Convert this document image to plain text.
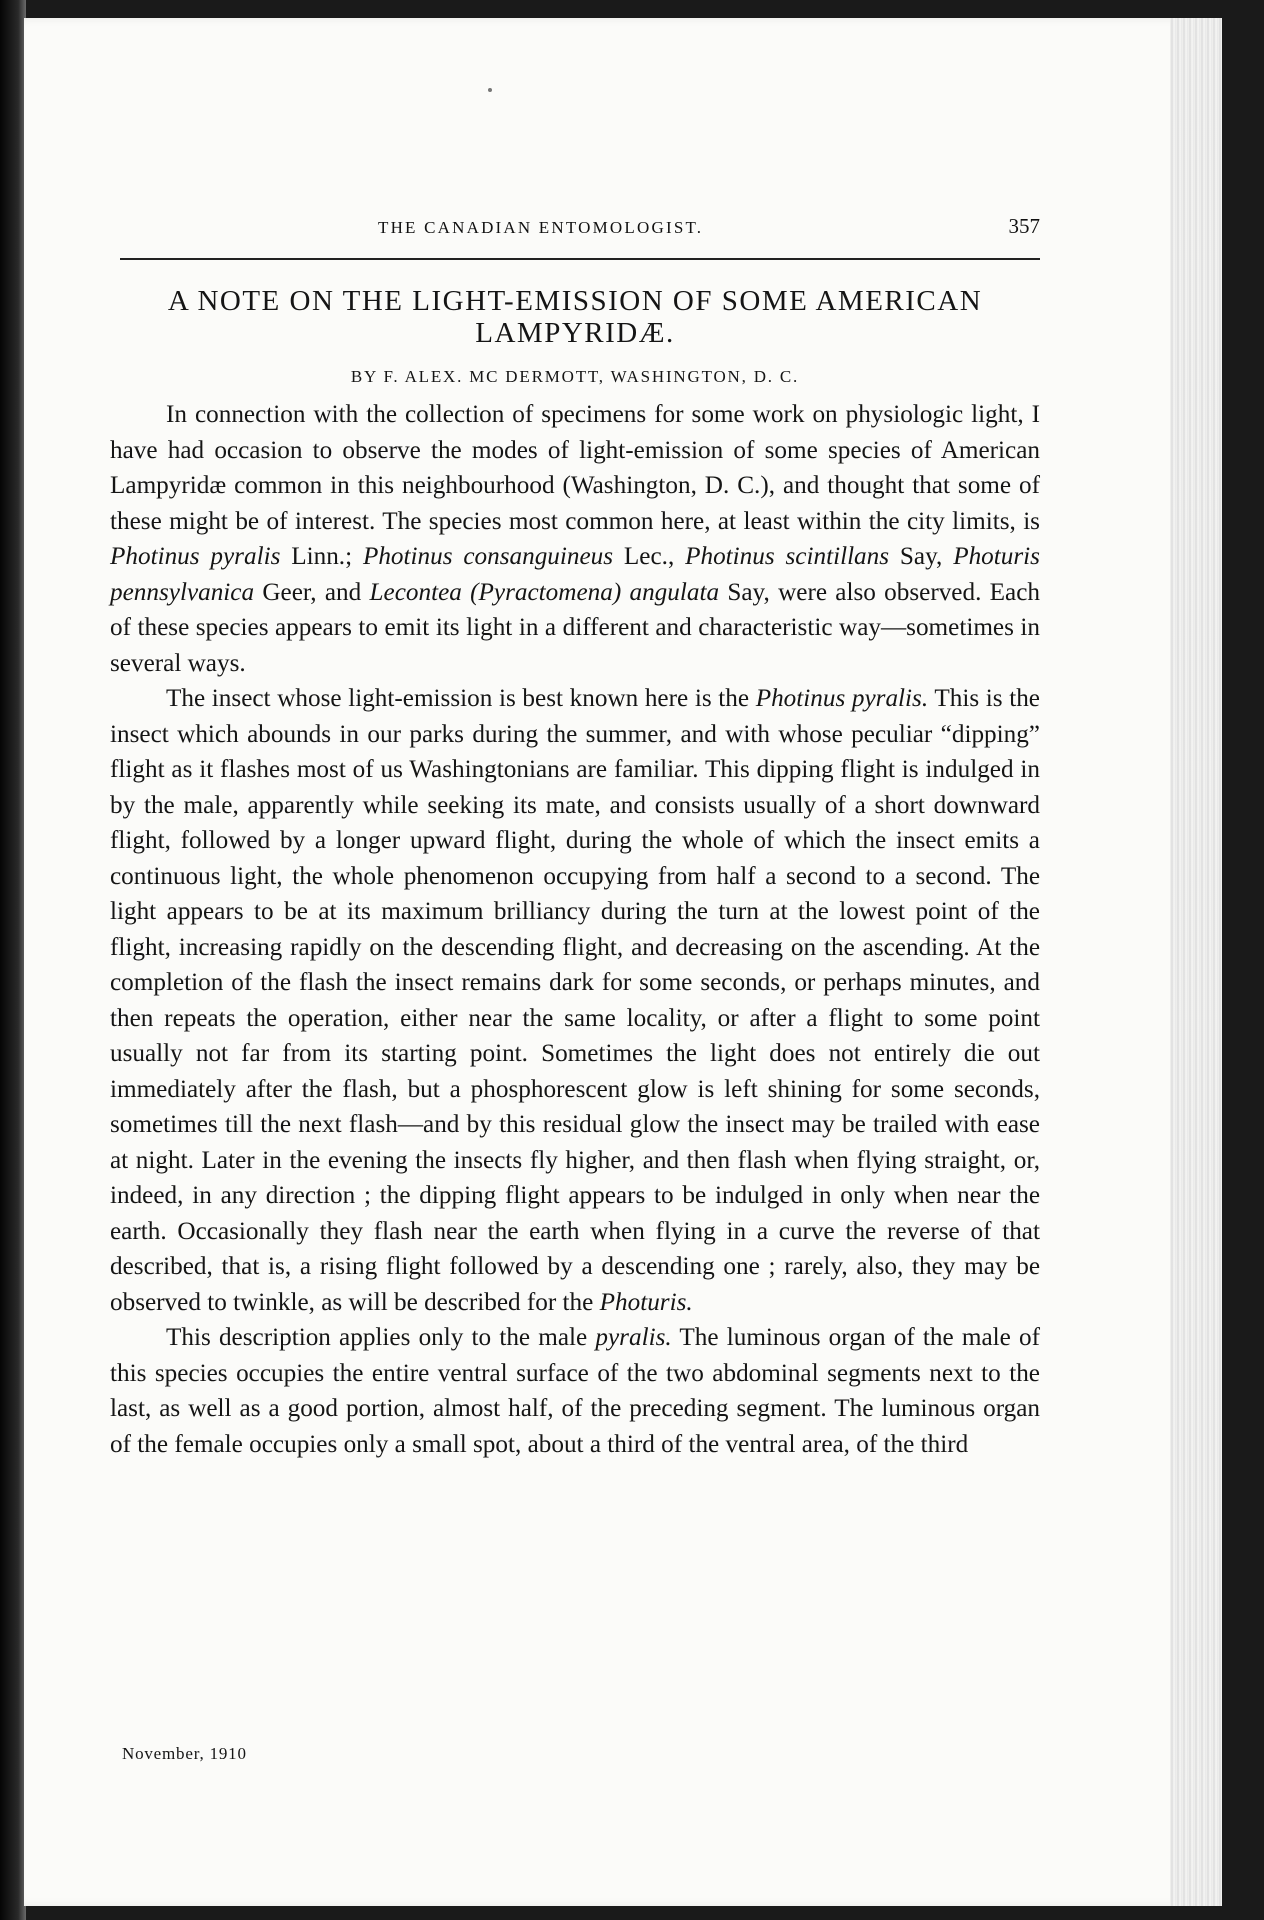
THE CANADIAN ENTOMOLOGIST.	357
A NOTE ON THE LIGHT-EMISSION OF SOME AMERICAN
LAMPYRIDÆ.
BY F. ALEX. MC DERMOTT, WASHINGTON, D. C.

In connection with the collection of specimens for some work on physiologic light, I have had occasion to observe the modes of light-emission of some species of American Lampyridæ common in this neighbourhood (Washington, D. C.), and thought that some of these might be of interest. The species most common here, at least within the city limits, is Photinus pyralis Linn.; Photinus consanguineus Lec., Photinus scintillans Say, Photuris pennsylvanica Geer, and Lecontea (Pyractomena) angulata Say, were also observed. Each of these species appears to emit its light in a different and characteristic way—sometimes in several ways.

The insect whose light-emission is best known here is the Photinus pyralis. This is the insect which abounds in our parks during the summer, and with whose peculiar “dipping” flight as it flashes most of us Washingtonians are familiar. This dipping flight is indulged in by the male, apparently while seeking its mate, and consists usually of a short downward flight, followed by a longer upward flight, during the whole of which the insect emits a continuous light, the whole phenomenon occupying from half a second to a second. The light appears to be at its maximum brilliancy during the turn at the lowest point of the flight, increasing rapidly on the descending flight, and decreasing on the ascending. At the completion of the flash the insect remains dark for some seconds, or perhaps minutes, and then repeats the operation, either near the same locality, or after a flight to some point usually not far from its starting point. Sometimes the light does not entirely die out immediately after the flash, but a phosphorescent glow is left shining for some seconds, sometimes till the next flash—and by this residual glow the insect may be trailed with ease at night. Later in the evening the insects fly higher, and then flash when flying straight, or, indeed, in any direction ; the dipping flight appears to be indulged in only when near the earth. Occasionally they flash near the earth when flying in a curve the reverse of that described, that is, a rising flight followed by a descending one ; rarely, also, they may be observed to twinkle, as will be described for the Photuris.

This description applies only to the male pyralis. The luminous organ of the male of this species occupies the entire ventral surface of the two abdominal segments next to the last, as well as a good portion, almost half, of the preceding segment. The luminous organ of the female occupies only a small spot, about a third of the ventral area, of the third

November, 1910
